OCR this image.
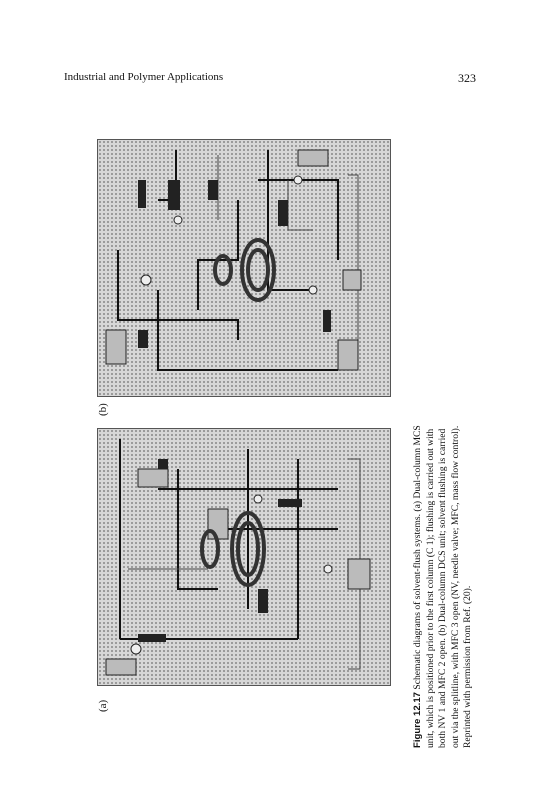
Industrial and Polymer Applications	323
(b)
(a)	Figure 12.17 Schematic diagrams of solvent-flush systems. (a) Dual-column MCS unit, which is positioned prior to the first column (C 1); flushing is carried out with both NV 1 and MFC 2 open. (b) Dual-column DCS unit; solvent flushing is carried out via the splitline, with MFC 3 open (NV, needle valve; MFC, mass flow control). Reprinted with permission from Ref. (20).
